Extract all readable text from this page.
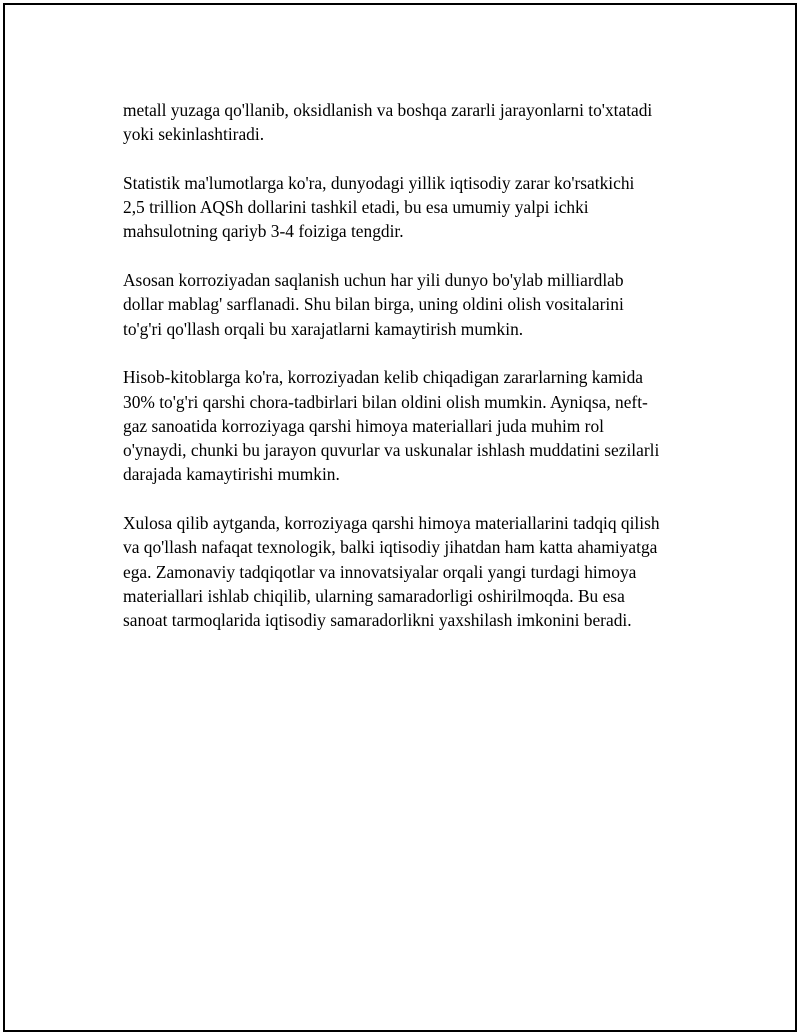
metall yuzaga qo'llanib, oksidlanish va boshqa zararli jarayonlarni to'xtatadi
yoki sekinlashtiradi.

Statistik ma'lumotlarga ko'ra, dunyodagi yillik iqtisodiy zarar ko'rsatkichi
2,5 trillion AQSh dollarini tashkil etadi, bu esa umumiy yalpi ichki
mahsulotning qariyb 3-4 foiziga tengdir.

Asosan korroziyadan saqlanish uchun har yili dunyo bo'ylab milliardlab
dollar mablag' sarflanadi. Shu bilan birga, uning oldini olish vositalarini
to'g'ri qo'llash orqali bu xarajatlarni kamaytirish mumkin.

Hisob-kitoblarga ko'ra, korroziyadan kelib chiqadigan zararlarning kamida
30% to'g'ri qarshi chora-tadbirlari bilan oldini olish mumkin. Ayniqsa, neft-
gaz sanoatida korroziyaga qarshi himoya materiallari juda muhim rol
o'ynaydi, chunki bu jarayon quvurlar va uskunalar ishlash muddatini sezilarli
darajada kamaytirishi mumkin.

Xulosa qilib aytganda, korroziyaga qarshi himoya materiallarini tadqiq qilish
va qo'llash nafaqat texnologik, balki iqtisodiy jihatdan ham katta ahamiyatga
ega. Zamonaviy tadqiqotlar va innovatsiyalar orqali yangi turdagi himoya
materiallari ishlab chiqilib, ularning samaradorligi oshirilmoqda. Bu esa
sanoat tarmoqlarida iqtisodiy samaradorlikni yaxshilash imkonini beradi.
